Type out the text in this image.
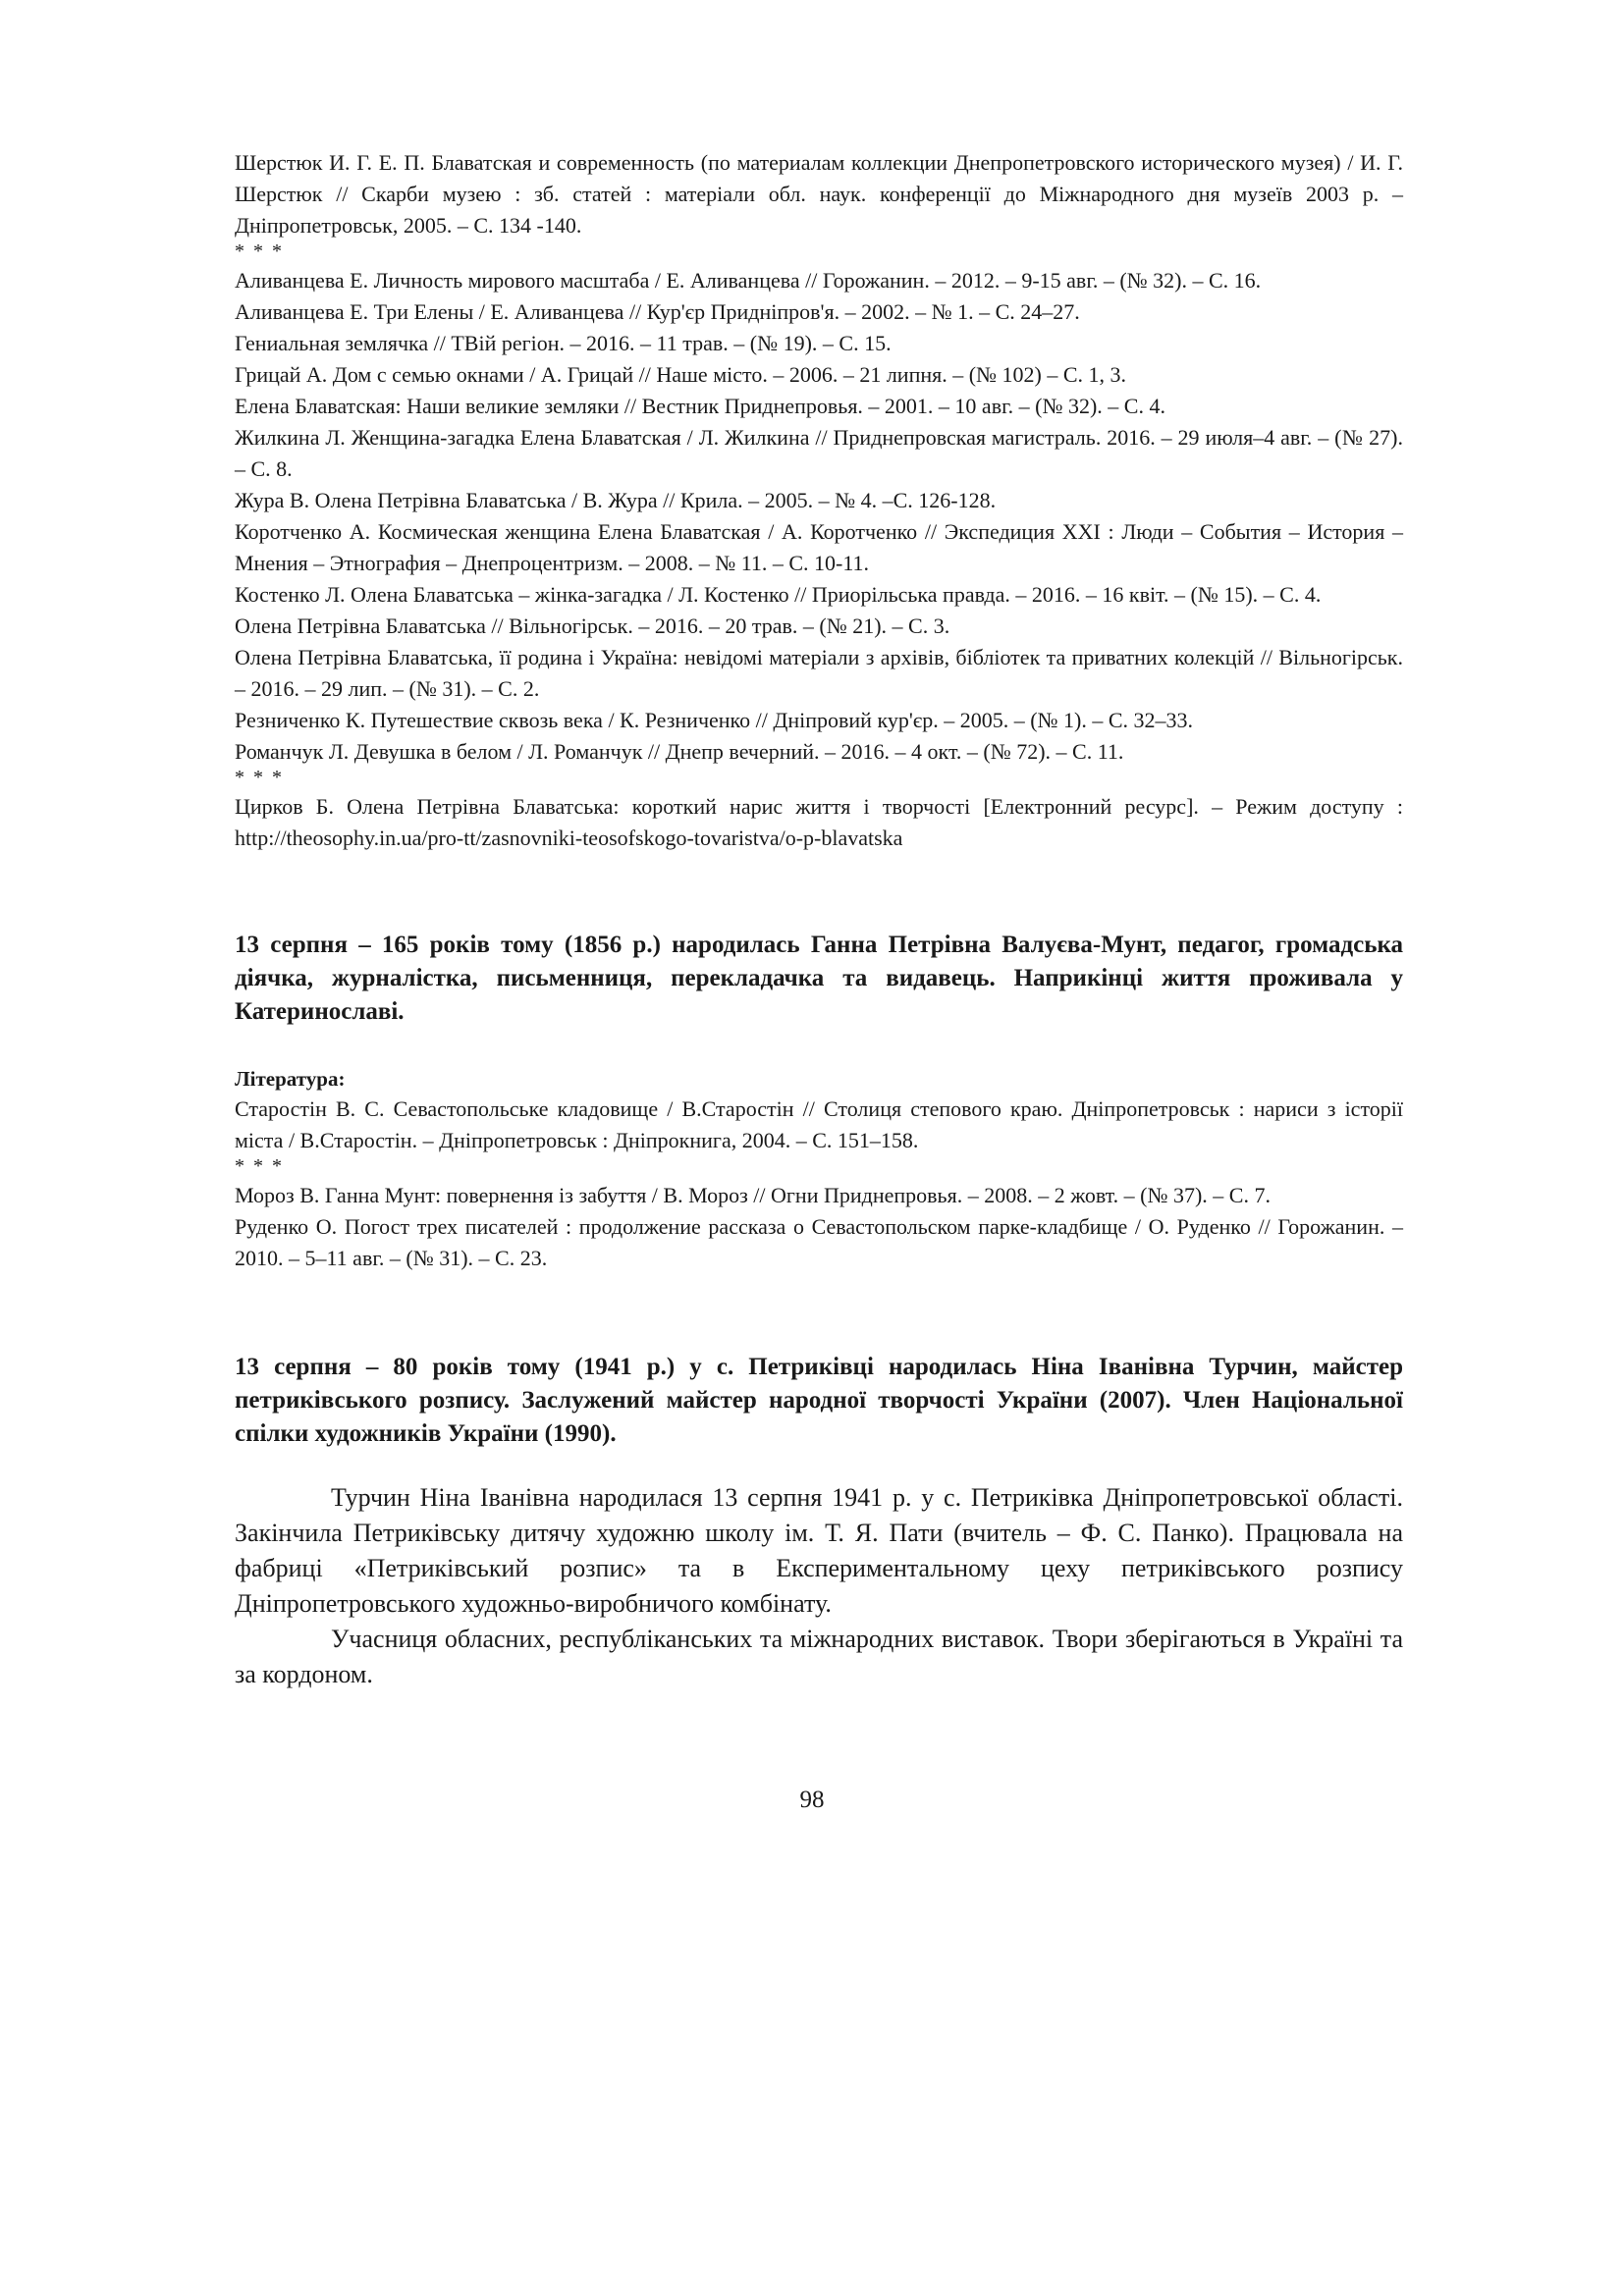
Шерстюк И. Г. Е. П. Блаватская и современность (по материалам коллекции Днепропетровского исторического музея) / И. Г. Шерстюк // Скарби музею : зб. статей : матеріали обл. наук. конференції до Міжнародного дня музеїв 2003 р. – Дніпропетровськ, 2005. – С. 134 -140.

* * *

Аливанцева Е. Личность мирового масштаба / Е. Аливанцева // Горожанин. – 2012. – 9-15 авг. – (№ 32). – С. 16.

Аливанцева Е. Три Елены / Е. Аливанцева // Кур'єр Придніпров'я. – 2002. – № 1. – С. 24–27.

Гениальная землячка // ТВій регіон. – 2016. – 11 трав. – (№ 19). – С. 15.

Грицай А. Дом с семью окнами / А. Грицай // Наше місто. – 2006. – 21 липня. – (№ 102) – С. 1, 3.

Елена Блаватская: Наши великие земляки // Вестник Приднепровья. – 2001. – 10 авг. – (№ 32). – С. 4.

Жилкина Л. Женщина-загадка Елена Блаватская / Л. Жилкина // Приднепровская магистраль. 2016. – 29 июля–4 авг. – (№ 27). – С. 8.

Жура В. Олена Петрівна Блаватська / В. Жура // Крила. – 2005. – № 4. –С. 126-128.

Коротченко А. Космическая женщина Елена Блаватская / А. Коротченко // Экспедиция XXI : Люди – События – История – Мнения – Этнография – Днепроцентризм. – 2008. – № 11. – С. 10-11.

Костенко Л. Олена Блаватська – жінка-загадка / Л. Костенко // Приорільська правда. – 2016. – 16 квіт. – (№ 15). – С. 4.

Олена Петрівна Блаватська // Вільногірськ. – 2016. – 20 трав. – (№ 21). – С. 3.

Олена Петрівна Блаватська, її родина і Україна: невідомі матеріали з архівів, бібліотек та приватних колекцій // Вільногірськ. – 2016. – 29 лип. – (№ 31). – С. 2.

Резниченко К. Путешествие сквозь века / К. Резниченко // Дніпровий кур'єр. – 2005. – (№ 1). – С. 32–33.

Романчук Л. Девушка в белом / Л. Романчук // Днепр вечерний. – 2016. – 4 окт. – (№ 72). – С. 11.

* * *

Цирков Б. Олена Петрівна Блаватська: короткий нарис життя і творчості [Електронний ресурс]. – Режим доступу : http://theosophy.in.ua/pro-tt/zasnovniki-teosofskogo-tovaristva/o-p-blavatska

13 серпня – 165 років тому (1856 р.) народилась Ганна Петрівна Валуєва-Мунт, педагог, громадська діячка, журналістка, письменниця, перекладачка та видавець. Наприкінці життя проживала у Катеринославі.

Література:

Старостін В. С. Севастопольське кладовище / В.Старостін // Столиця степового краю. Дніпропетровськ : нариси з історії міста / В.Старостін. – Дніпропетровськ : Дніпрокнига, 2004. – С. 151–158.

* * *

Мороз В. Ганна Мунт: повернення із забуття / В. Мороз // Огни Приднепровья. – 2008. – 2 жовт. – (№ 37). – С. 7.

Руденко О. Погост трех писателей : продолжение рассказа о Севастопольском парке-кладбище / О. Руденко // Горожанин. – 2010. – 5–11 авг. – (№ 31). – С. 23.

13 серпня – 80 років тому (1941 р.) у с. Петриківці народилась Ніна Іванівна Турчин, майстер петриківського розпису. Заслужений майстер народної творчості України (2007). Член Національної спілки художників України (1990).

Турчин Ніна Іванівна народилася 13 серпня 1941 р. у с. Петриківка Дніпропетровської області. Закінчила Петриківську дитячу художню школу ім. Т. Я. Пати (вчитель – Ф. С. Панко). Працювала на фабриці «Петриківський розпис» та в Експериментальному цеху петриківського розпису Дніпропетровського художньо-виробничого комбінату.

Учасниця обласних, республіканських та міжнародних виставок. Твори зберігаються в Україні та за кордоном.

98
